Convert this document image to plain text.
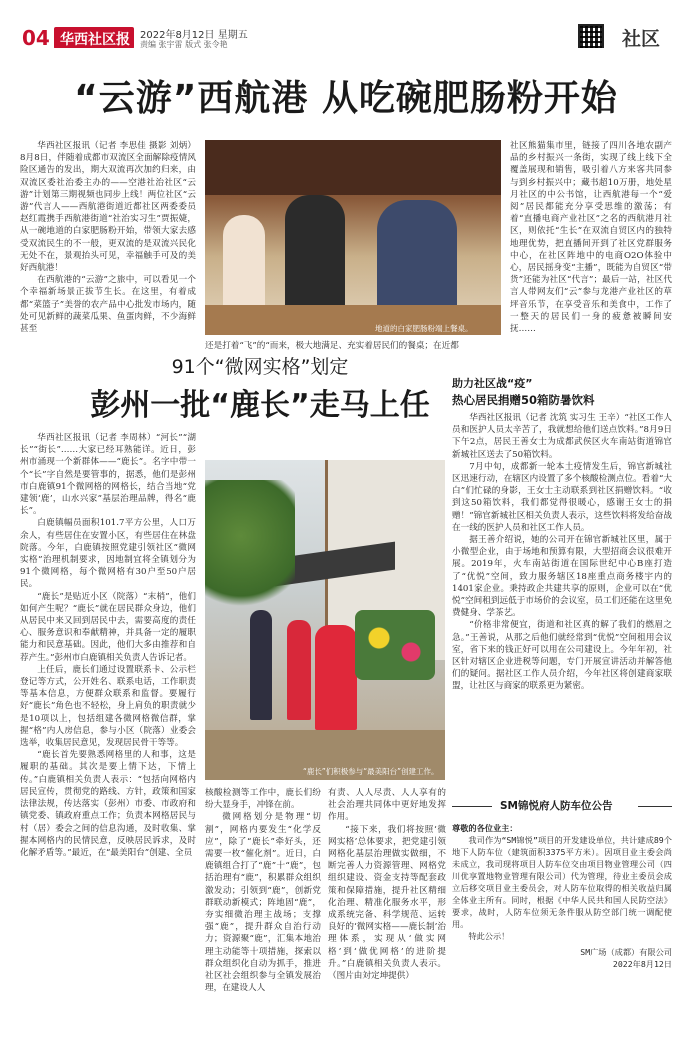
04 华西社区报 2022年8月12日 星期五
责编 张宇雷 版式 张令艳	社区
“云游”西航港 从吃碗肥肠粉开始

华西社区报讯（记者 李思佳 摄影 刘炳）8月8日，伴随着成都市双流区全面解除疫情风险区通告的发出，期大双流再次加约归来，由双流区委社治委主办的——空港社治社区“云游”计划第三期视频也同步上线！两位社区“云游”代言人——西航港街道近都社区两委委员赵红霞携手西航港街道“社治实习生”贾振婕，从一碗地道的白家肥肠粉开始，带领大家去感受双流民生的不一般，更双流的是双流兴民化无处不在，景观抬头可见，幸福触手可及的美好西航港！

在西航港的“云游”之旅中，可以看见一个个幸福新场景正拔节生长。在这里，有着成都“菜篮子”美誉的农产品中心批发市场内，随处可见新鲜的蔬菜瓜果、鱼蛋肉鲜，不少海鲜甚至	地道的白家肥肠粉端上餐桌。

还是打着“飞”的“而来，极大地满足、充实着居民们的餐桌；在近都

社区熊猫集市里，链接了四川各地农副产品的乡村振兴一条街，实现了线上线下全覆盖展现和销售，吸引着八方来客共同参与到乡村振兴中；藏书超10万册，地处星月社区的中公书馆，让西航港每一个“爱阅”居民都能充分享受思维的激荡；有着“直播电商产业社区”之名的西航港月社区，则依托“生长”在双流自贸区内的独特地理优势，把直播间开到了社区党群服务中心，在社区阵地中的电商O2O体验中心，居民摇身变“主播”，既能为自贸区“带货”还能为社区“代言”；最后一站，社区代言人带网友们“云”参与龙港产业社区的草坪音乐节，在享受音乐和美食中，工作了一整天的居民们一身的疲惫被瞬间安抚……

91个“微网实格”划定
彭州一批“鹿长”走马上任

华西社区报讯（记者 李周林）“河长”“湖长”“街长”……大家已经耳熟能详。近日，彭州市涌现一个新群体——“鹿长”。名字中带一个“长”字自然是要管事的，据悉，他们是彭州市白鹿镇91个微网格的网格长，结合当地“党建领‘鹿’，山水兴家”基层治理品牌，得名“鹿长”。

白鹿镇幅员面积101.7平方公里，人口万余人，有些居住在安置小区，有些居住在林盘院落。今年，白鹿镇按照党建引领社区“微网实格”治理机制要求，因地制宜将全镇划分为91个微网格，每个微网格有30户至50户居民。

“鹿长”是贴近小区（院落）“末梢”，他们如何产生呢？“鹿长”就在居民群众身边，他们从居民中来又回到居民中去，需要高度的责任心、服务意识和奉献精神，并具备一定的履职能力和民意基础。因此，他们大多由推荐和自荐产生。”彭州市白鹿镇相关负责人告诉记者。

上任后，鹿长们通过设置联系卡、公示栏登记等方式，公开姓名、联系电话，工作职责等基本信息，方便群众联系和监督。要履行好“鹿长”角色也不轻松，身上肩负的职责就少是10项以上，包括组建各微网格微信群，掌握“格”内人房信息，参与小区（院落）业委会选举，收集居民意见，发现居民骨干等等。

“鹿长首先要熟悉网格里的人和事，这是履职的基础。其次是要上情下达，下情上传。”白鹿镇相关负责人表示：“包括向网格内居民宣传，贯彻党的路线、方针，政策和国家法律法规，传达落实（彭州）市委、市政府和镇党委、镇政府重点工作；负责本网格居民与村（居）委会之间的信息沟通，及时收集、掌握本网格内的民情民意，反映居民诉求，及时化解矛盾等。”最近，在“最美阳台”创建、全员

“鹿长”们积极参与“最美阳台”创建工作。

核酸检测等工作中，鹿长们纷纷大显身手，冲锋在前。

微网格划分是物理“切割”，网格内要发生“化学反应”，除了“鹿长”牵好头，还需要一枚“催化剂”。近日，白鹿镇组合打了“鹿”十“鹿”，包括治理有“鹿”，积累群众组织激发动；引领到“鹿”，创新党群联动新模式；阵地固“鹿”，夯实细微治理主战场；支撑强“鹿”，提升群众自治行动力；资源聚“鹿”，汇集本地治理主动能等十项措施，探索以群众组织化自动为抓手，推进社区社会组织参与全镇发展治理，在建设人人

有责、人人尽责、人人享有的社会治理共同体中更好地发挥作用。

“接下来，我们将按照‘微网实格’总体要求，把党建引领网格化基层治理做实做细，不断完善人力资源管理、网格党组织建设、资金支持等配套政策和保障措施，提升社区精细化治理、精准化服务水平，形成系统完备、科学规范、运转良好的‘微网实格——鹿长制’治理体系，实现从‘做实网格’到‘做优网格’的进阶提升。”白鹿镇相关负责人表示。（图片由対定坤提供）

助力社区战“疫”
热心居民捐赠50箱防暑饮料

华西社区报讯（记者 沈筑 实习生 王辛）“社区工作人员和医护人员太辛苦了，我就想给他们送点饮料。”8月9日下午2点，居民王善女士为成都武侯区火车南站街道锦官新城社区送去了50箱饮料。

7月中旬，成都新一轮本土疫情发生后，锦官新城社区迅速行动，在辖区内设置了多个核酸检测点位。看着“大白”们忙碌的身影，王女士主动联系到社区捐赠饮料。“收到这50箱饮料，我们都觉得很暖心，感谢王女士的捐赠！”锦官新城社区相关负责人表示，这些饮料将发给奋战在一线的医护人员和社区工作人员。

据王善介绍说，她的公司开在锦官新城社区里，属于小微型企业，由于场地和预算有限，大型招商会议很难开展。2019年，火车南站街道在国际世纪中心B座打造了“优悦”空间，致力服务辖区18座重点商务楼宇内的1401家企业。秉持政企共建共享的原则，企业可以在“优悦”空间租到远低于市场价的会议室，员工们还能在这里免费健身、学茶艺。

“价格非常便宜，街道和社区真的解了我们的燃眉之急。”王善说，从那之后他们就经常到“优悦”空间租用会议室，省下来的钱正好可以用在公司建设上。今年年初，社区针对辖区企业进税等问题，专门开展宣讲活动并解答他们的疑问。据社区工作人员介绍，今年社区将创建商家联盟，让社区与商家的联系更为紧密。

SM锦悦府人防车位公告

尊敬的各位业主：

我司作为“SM锦悦”项目的开发建设单位，共计建成89个地下人防车位（建筑面积3375平方米）。因项目业主委会尚未成立，我司现将项目人防车位交由项目物业管理公司（四川优享置地物业管理有限公司）代为管理，待业主委员会成立后移交项目业主委员会，对人防车位取得的相关收益归属全体业主所有。同时，根据《中华人民共和国人民防空法》要求，战时，人防车位须无条件服从防空部门统一调配使用。

特此公示！

SM广场（成都）有限公司

2022年8月12日
